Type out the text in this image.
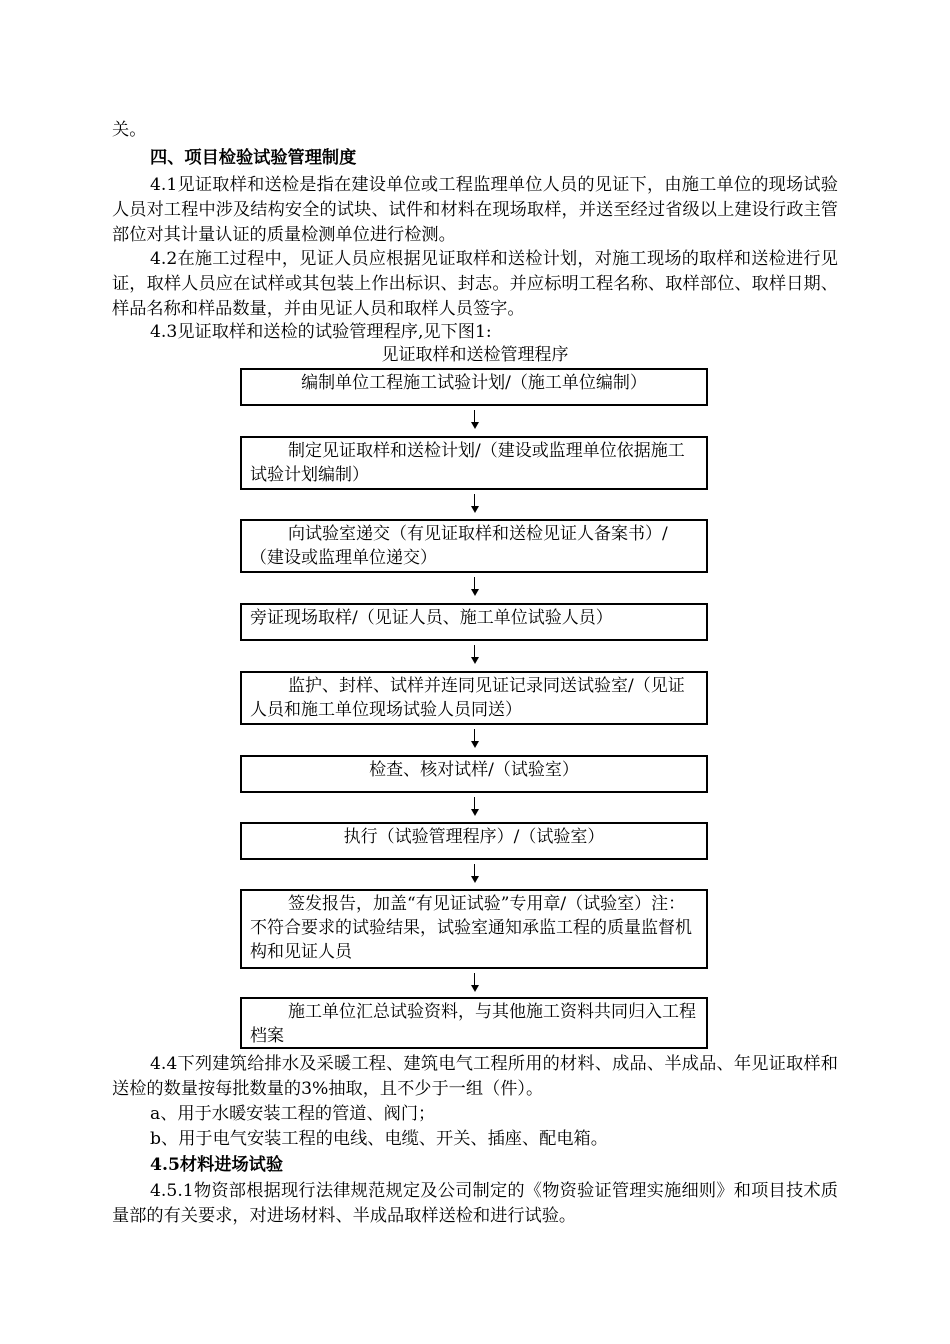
关。
四、项目检验试验管理制度
4.1见证取样和送检是指在建设单位或工程监理单位人员的见证下，由施工单位的现场试验人员对工程中涉及结构安全的试块、试件和材料在现场取样，并送至经过省级以上建设行政主管部位对其计量认证的质量检测单位进行检测。
4.2在施工过程中，见证人员应根据见证取样和送检计划，对施工现场的取样和送检进行见证，取样人员应在试样或其包装上作出标识、封志。并应标明工程名称、取样部位、取样日期、样品名称和样品数量，并由见证人员和取样人员签字。
4.3见证取样和送检的试验管理程序,见下图1:
见证取样和送检管理程序
编制单位工程施工试验计划/（施工单位编制）
制定见证取样和送检计划/（建设或监理单位依据施工试验计划编制）
向试验室递交（有见证取样和送检见证人备案书）/（建设或监理单位递交）
旁证现场取样/（见证人员、施工单位试验人员）
监护、封样、试样并连同见证记录同送试验室/（见证人员和施工单位现场试验人员同送）
检查、核对试样/（试验室）
执行（试验管理程序）/（试验室）
签发报告，加盖“有见证试验”专用章/（试验室）注：不符合要求的试验结果，试验室通知承监工程的质量监督机构和见证人员
施工单位汇总试验资料，与其他施工资料共同归入工程档案
4.4下列建筑给排水及采暖工程、建筑电气工程所用的材料、成品、半成品、年见证取样和送检的数量按每批数量的3%抽取，且不少于一组（件）。
a、用于水暖安装工程的管道、阀门；
b、用于电气安装工程的电线、电缆、开关、插座、配电箱。
4.5材料进场试验
4.5.1物资部根据现行法律规范规定及公司制定的《物资验证管理实施细则》和项目技术质量部的有关要求，对进场材料、半成品取样送检和进行试验。
